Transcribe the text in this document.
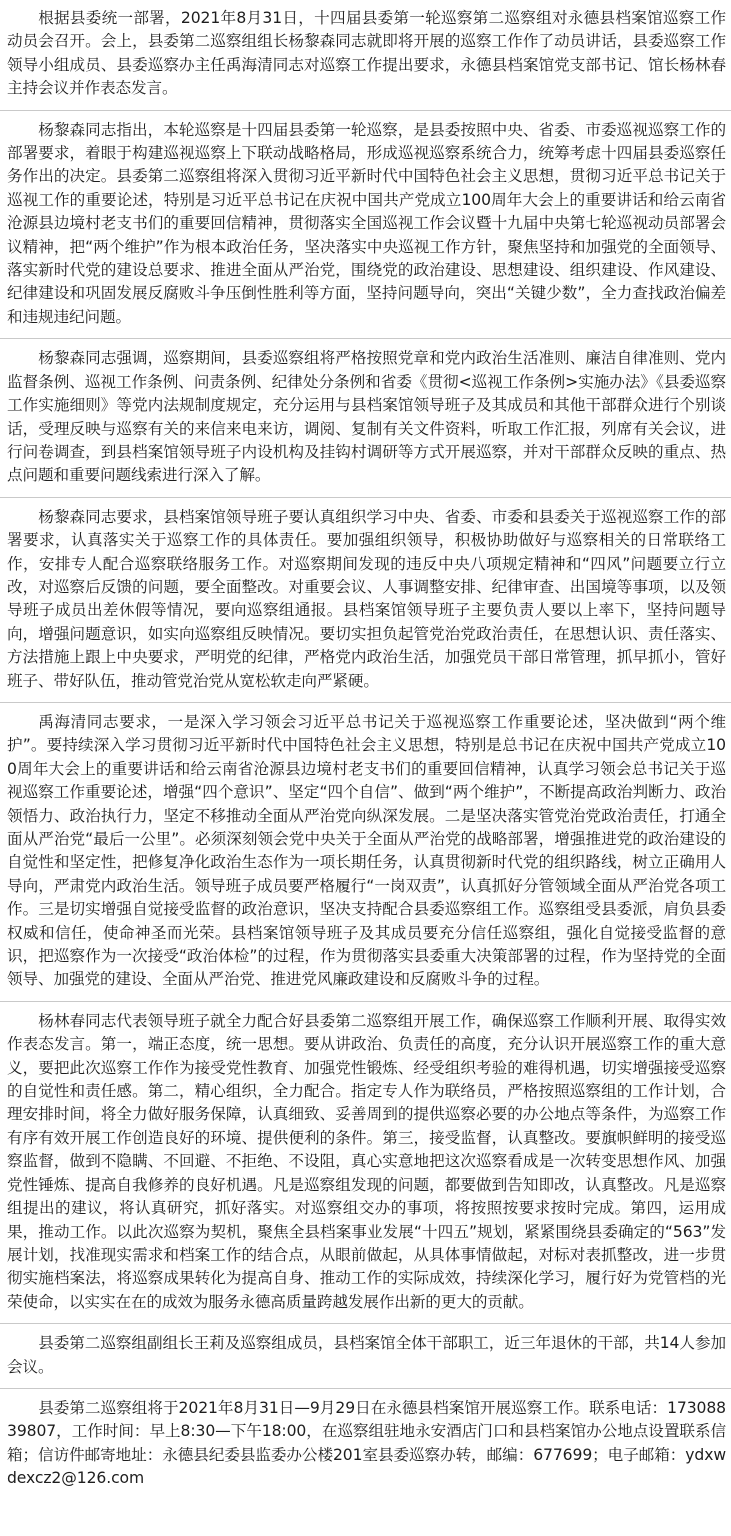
根据县委统一部署，2021年8月31日，十四届县委第一轮巡察第二巡察组对永德县档案馆巡察工作动员会召开。会上，县委第二巡察组组长杨黎森同志就即将开展的巡察工作作了动员讲话，县委巡察工作领导小组成员、县委巡察办主任禹海清同志对巡察工作提出要求，永德县档案馆党支部书记、馆长杨林春主持会议并作表态发言。

杨黎森同志指出，本轮巡察是十四届县委第一轮巡察，是县委按照中央、省委、市委巡视巡察工作的部署要求，着眼于构建巡视巡察上下联动战略格局，形成巡视巡察系统合力，统筹考虑十四届县委巡察任务作出的决定。县委第二巡察组将深入贯彻习近平新时代中国特色社会主义思想，贯彻习近平总书记关于巡视工作的重要论述，特别是习近平总书记在庆祝中国共产党成立100周年大会上的重要讲话和给云南省沧源县边境村老支书们的重要回信精神，贯彻落实全国巡视工作会议暨十九届中央第七轮巡视动员部署会议精神，把“两个维护”作为根本政治任务，坚决落实中央巡视工作方针，聚焦坚持和加强党的全面领导、落实新时代党的建设总要求、推进全面从严治党，围绕党的政治建设、思想建设、组织建设、作风建设、纪律建设和巩固发展反腐败斗争压倒性胜利等方面，坚持问题导向，突出“关键少数”，全力查找政治偏差和违规违纪问题。

杨黎森同志强调，巡察期间，县委巡察组将严格按照党章和党内政治生活准则、廉洁自律准则、党内监督条例、巡视工作条例、问责条例、纪律处分条例和省委《贯彻<巡视工作条例>实施办法》《县委巡察工作实施细则》等党内法规制度规定，充分运用与县档案馆领导班子及其成员和其他干部群众进行个别谈话，受理反映与巡察有关的来信来电来访，调阅、复制有关文件资料，听取工作汇报，列席有关会议，进行问卷调查，到县档案馆领导班子内设机构及挂钩村调研等方式开展巡察，并对干部群众反映的重点、热点问题和重要问题线索进行深入了解。

杨黎森同志要求，县档案馆领导班子要认真组织学习中央、省委、市委和县委关于巡视巡察工作的部署要求，认真落实关于巡察工作的具体责任。要加强组织领导，积极协助做好与巡察相关的日常联络工作，安排专人配合巡察联络服务工作。对巡察期间发现的违反中央八项规定精神和“四风”问题要立行立改，对巡察后反馈的问题，要全面整改。对重要会议、人事调整安排、纪律审查、出国境等事项，以及领导班子成员出差休假等情况，要向巡察组通报。县档案馆领导班子主要负责人要以上率下，坚持问题导向，增强问题意识，如实向巡察组反映情况。要切实担负起管党治党政治责任，在思想认识、责任落实、方法措施上跟上中央要求，严明党的纪律，严格党内政治生活，加强党员干部日常管理，抓早抓小，管好班子、带好队伍，推动管党治党从宽松软走向严紧硬。

禹海清同志要求，一是深入学习领会习近平总书记关于巡视巡察工作重要论述，坚决做到“两个维护”。要持续深入学习贯彻习近平新时代中国特色社会主义思想，特别是总书记在庆祝中国共产党成立100周年大会上的重要讲话和给云南省沧源县边境村老支书们的重要回信精神，认真学习领会总书记关于巡视巡察工作重要论述，增强“四个意识”、坚定“四个自信”、做到“两个维护”，不断提高政治判断力、政治领悟力、政治执行力，坚定不移推动全面从严治党向纵深发展。二是坚决落实管党治党政治责任，打通全面从严治党“最后一公里”。必须深刻领会党中央关于全面从严治党的战略部署，增强推进党的政治建设的自觉性和坚定性，把修复净化政治生态作为一项长期任务，认真贯彻新时代党的组织路线，树立正确用人导向，严肃党内政治生活。领导班子成员要严格履行“一岗双责”，认真抓好分管领域全面从严治党各项工作。三是切实增强自觉接受监督的政治意识，坚决支持配合县委巡察组工作。巡察组受县委派，肩负县委权威和信任，使命神圣而光荣。县档案馆领导班子及其成员要充分信任巡察组，强化自觉接受监督的意识，把巡察作为一次接受“政治体检”的过程，作为贯彻落实县委重大决策部署的过程，作为坚持党的全面领导、加强党的建设、全面从严治党、推进党风廉政建设和反腐败斗争的过程。

杨林春同志代表领导班子就全力配合好县委第二巡察组开展工作，确保巡察工作顺利开展、取得实效作表态发言。第一，端正态度，统一思想。要从讲政治、负责任的高度，充分认识开展巡察工作的重大意义，要把此次巡察工作作为接受党性教育、加强党性锻炼、经受组织考验的难得机遇，切实增强接受巡察的自觉性和责任感。第二，精心组织，全力配合。指定专人作为联络员，严格按照巡察组的工作计划，合理安排时间，将全力做好服务保障，认真细致、妥善周到的提供巡察必要的办公地点等条件，为巡察工作有序有效开展工作创造良好的环境、提供便利的条件。第三，接受监督，认真整改。要旗帜鲜明的接受巡察监督，做到不隐瞒、不回避、不拒绝、不设阻，真心实意地把这次巡察看成是一次转变思想作风、加强党性锤炼、提高自我修养的良好机遇。凡是巡察组发现的问题，都要做到告知即改，认真整改。凡是巡察组提出的建议，将认真研究，抓好落实。对巡察组交办的事项，将按照按要求按时完成。第四，运用成果，推动工作。以此次巡察为契机，聚焦全县档案事业发展“十四五”规划，紧紧围绕县委确定的“563”发展计划，找准现实需求和档案工作的结合点，从眼前做起，从具体事情做起，对标对表抓整改，进一步贯彻实施档案法，将巡察成果转化为提高自身、推动工作的实际成效，持续深化学习，履行好为党管档的光荣使命，以实实在在的成效为服务永德高质量跨越发展作出新的更大的贡献。

县委第二巡察组副组长王莉及巡察组成员，县档案馆全体干部职工，近三年退休的干部，共14人参加会议。

县委第二巡察组将于2021年8月31日—9月29日在永德县档案馆开展巡察工作。联系电话：17308839807，工作时间：早上8:30—下午18:00，在巡察组驻地永安酒店门口和县档案馆办公地点设置联系信箱；信访件邮寄地址：永德县纪委县监委办公楼201室县委巡察办转，邮编：677699；电子邮箱：ydxwdexcz2@126.com
